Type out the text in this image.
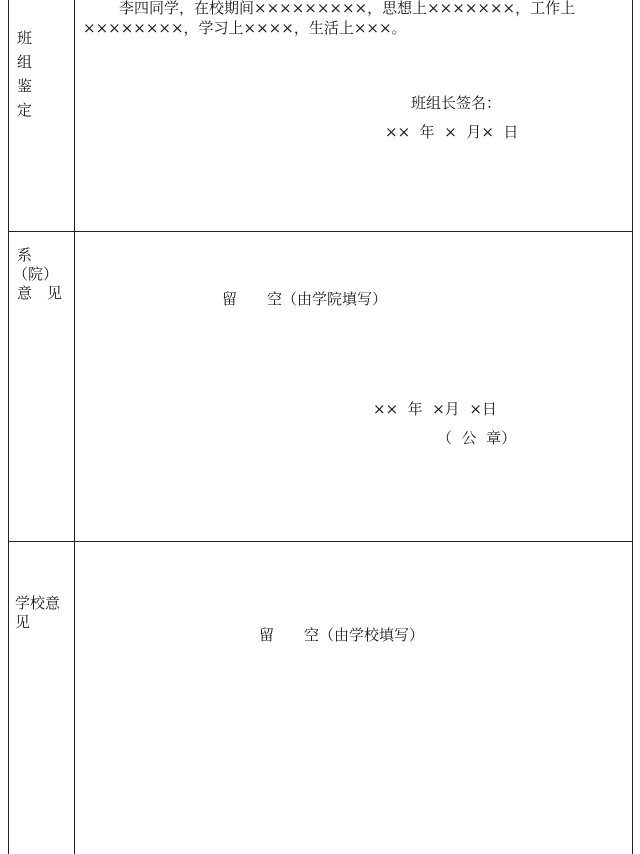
班
组
鉴
定

李四同学，在校期间×××××××××，思想上×××××××，工作上××××××××，学习上××××，生活上×××。

班组长签名：
××  年  ×  月×  日
系
（院）
意　见	留　　空（由学院填写）
××  年  ×月  ×日
（  公  章）
学校意见
留　　空（由学校填写）
